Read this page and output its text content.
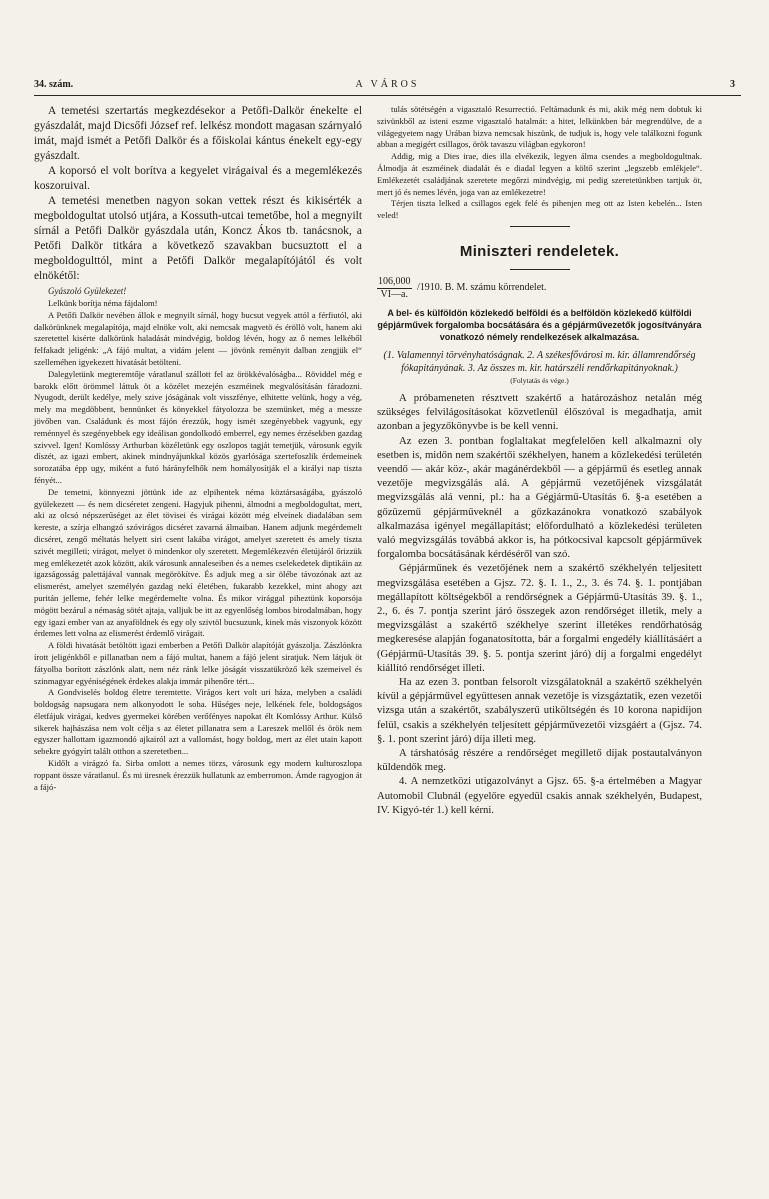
34. szám.	A VÁROS	3

A temetési szertartás megkezdésekor a Petőfi-Dalkör énekelte el gyászdalát, majd Dicsőfi József ref. lelkész mondott magasan szárnyaló imát, majd ismét a Petőfi Dalkör és a főiskolai kántus énekelt egy-egy gyászdalt.

A koporsó el volt borítva a kegyelet virágaival és a megemlékezés koszoruival.

A temetési menetben nagyon sokan vettek részt és kikisérték a megboldogultat utolsó utjára, a Kossuth-utcai temetőbe, hol a megnyilt sírnál a Petőfi Dalkör gyászdala után, Koncz Ákos tb. tanácsnok, a Petőfi Dalkör titkára a következő szavakban bucsuztott el a megboldogulttól, mint a Petőfi Dalkör megalapítójától és volt elnökétől:

Gyászoló Gyülekezet!

Lelkünk borítja néma fájdalom!

A Petőfi Dalkör nevében állok e megnyilt sírnál, hogy bucsut vegyek attól a férfiutól, aki dalkörünknek megalapítója, majd elnöke volt, aki nemcsak magvetö és éröllö volt, hanem aki szeretettel kisérte dalkörünk haladását mindvégig, boldog lévén, hogy az ő nemes lelkéből felfakadt jeligénk: „A fájó multat, a vidám jelent — jövönk reményit dalban zengjük el“ szelleméhen igyekezett hivatását betölteni.

Dalegyletünk megteremtője váratlanul szállott fel az örökkévalóságba... Röviddel még e barokk előtt örömmel láttuk öt a közélet mezején eszméinek megvalósításán fáradozni. Nyugodt, derült kedélye, mely szive jóságának volt visszfénye, elhitette velünk, hogy a vég, mely ma megdöbbent, bennünket és könyekkel fátyolozza be szemünket, még a messze jövőben van. Családunk és most fájón érezzük, hogy ismét szegényebbek vagyunk, egy reménnyel és szegényebbek egy ideálisan gondolkodó emberrel, egy nemes érzésekben gazdag szivvel. Igen! Komlóssy Arthurban közéletünk egy oszlopos tagját temetjük, városunk egyik díszét, az igazi embert, akinek mindnyájunkkal közös gyarlósága szertefoszlik érdemeinek sorozatába épp ugy, miként a futó hárányfelhők nem homályosítják el a királyi nap tiszta fényét...

De temetni, könnyezni jöttünk ide az elpihentek néma köztársaságába, gyászoló gyülekezett — és nem dicséretet zengeni. Hagyjuk pihenni, álmodni a megboldogultat, mert, aki az olcsó népszerűséget az élet tövisei és virágai között még elveinek diadalában sem kereste, a szírja elhangzó szóvirágos dicséret zavarná álmaiban. Hanem adjunk megérdemelt dicséret, zengő méltatás helyett siri csent lakába virágot, amelyet szeretett és amely tiszta szivét megilleti; virágot, melyet ö mindenkor oly szeretett. Megemlékezvén életújáról őrizzük meg emlékezetét azok között, akik városunk annaleseiben és a nemes cselekedetek diptikáin az igazságosság palettájával vannak megörökítve. És adjuk meg a sir ölébe távozónak azt az elismerést, amelyet személyén gazdag nekí életében, fukarabb kezekkel, mint ahogy azt puritán jelleme, fehér lelke megérdemelte volna. És mikor virággal piheztünk koporsója mögött bezárul a némaság sötét ajtaja, valljuk be itt az egyenlőség lombos birodalmában, hogy egy igazi ember van az anyaföldnek és egy oly szivtöl bucsuzunk, kinek más viszonyok között érdemes lett volna az elismerést érdemlő virágait.

A földi hivatását betöltött igazi emberben a Petőfi Dalkör alapítóját gyászolja. Zászlónkra írott jeligénkből e pillanatban nem a fájó multat, hanem a fájó jelent siratjuk. Nem látjuk öt fátyolba borított zászlónk alatt, nem néz ránk lelke jóságát visszatükröző kék szemeivel és szinmagyar egyéniségének érdekes alakja immár pihenőre tért...

A Gondviselés boldog életre teremtette. Virágos kert volt uri háza, melyben a családi boldogság napsugara nem alkonyodott le soha. Hűséges neje, lelkének fele, boldogságos életfájuk virágai, kedves gyermekei körében verőfényes napokat élt Komlóssy Arthur. Külső sikerek hajhászása nem volt célja s az életet pillanatra sem a Lareszek mellől és örök nem egyszer hallottam igazmondó ajkairól azt a vallomást, hogy boldog, mert az élet utain kapott sebekre gyógyírt talált otthon a szeretetben...

Kidőlt a virágzó fa. Sirba omlott a nemes törzs, városunk egy modern kulturoszlopa roppant össze váratlanul. És mi üresnek érezzük hullatunk az emberromon. Ámde ragyogjon át a fájó-

tulás sötétségén a vigasztaló Resurrectió. Feltámadunk és mi, akik még nem dobtuk ki szivünkből az isteni eszme vigasztaló hatalmát: a hitet, lelkünkben bár megrendülve, de a világegyetem nagy Urában bizva nemcsak hiszünk, de tudjuk is, hogy vele találkozni fogunk abban a megigért csillagos, örök tavaszu világban egykoron!

Addig, mig a Dies irae, dies illa elvékezik, legyen álma csendes a megboldogultnak. Álmodja át eszméinek diadalát és e diadal legyen a költő szerint „legszebb emlékjele“. Emlékezetét családjának szeretete megőrzi mindvégig, mi pedig szeretetünkben tartjuk öt, mert jó és nemes lévén, joga van az emlékezetre!

Térjen tiszta lelked a csillagos egek felé és pihenjen meg ott az Isten kebelén... Isten veled!

Miniszteri rendeletek.

$\frac{106,000}{VI—a.} /1910$. B. M. számu körrendelet.

A bel- és külföldön közlekedő belföldi és a belföldön közlekedő külföldi gépjárművek forgalomba bocsátására és a gépjárművezetők jogosítványára vonatkozó némely rendelkezések alkalmazása.

(1. Valamennyi törvényhatóságnak. 2. A székesfővárosi m. kir. államrendőrség fókapitányának. 3. Az összes m. kir. határszéli rendőrkapitányoknak.)

(Folytatás és vége.)

A próbameneten résztvett szakértő a határozáshoz netalán még szükséges felvilágosításokat közvetlenül élőszóval is megadhatja, amit azonban a jegyzőkönyvbe is be kell venni.

Az ezen 3. pontban foglaltakat megfelelően kell alkalmazni oly esetben is, midőn nem szakértői székhelyen, hanem a közlekedési területén veendő — akár köz-, akár magánérdekből — a gépjármű és esetleg annak vezetője megvizsgálás alá. A gépjármű vezetőjének vizsgálatát megvizsgálás alá venni, pl.: ha a Gégjármű-Utasítás 6. §-a esetében a gőzüzemű gépjárműveknél a gőzkazánokra vonatkozó szabályok alkalmazása igényel megállapítást; előfordulható a közlekedési területen való megvizsgálás továbbá akkor is, ha pótkocsival kapcsolt gépjárművek forgalomba bocsátásának kérdéséről van szó.

Gépjárműnek és vezetőjének nem a szakértő székhelyén teljesitett megvizsgálása esetében a Gjsz. 72. §. I. 1., 2., 3. és 74. §. 1. pontjában megállapított költségekből a rendőrségnek a Gépjármű-Utasítás 39. §. 1., 2., 6. és 7. pontja szerint járó összegek azon rendőrséget illetik, mely a megvizsgálást a szakértő székhelye szerint illetékes rendőrhatóság megkeresése alapján foganatosította, bár a forgalmi engedély kiállításáért a (Gépjármű-Utasítás 39. §. 5. pontja szerint járó) díj a forgalmi engedélyt kiállító rendőrséget illeti.

Ha az ezen 3. pontban felsorolt vizsgálatoknál a szakértő székhelyén kívül a gépjárművel együttesen annak vezetője is vizsgáztatik, ezen vezetői vizsga után a szakértőt, szabályszerű utiköltségén és 10 korona napidíjon felül, csakis a székhelyén teljesített gépjárművezetői vizsgáért a (Gjsz. 74. §. 1. pont szerint járó) díja illeti meg.

A társhatóság részére a rendőrséget megillető díjak postautalványon küldendők meg.

4. A nemzetközi utigazolványt a Gjsz. 65. §-a értelmében a Magyar Automobil Clubnál (egyelőre egyedül csakis annak székhelyén, Budapest, IV. Kigyó-tér 1.) kell kérni.
